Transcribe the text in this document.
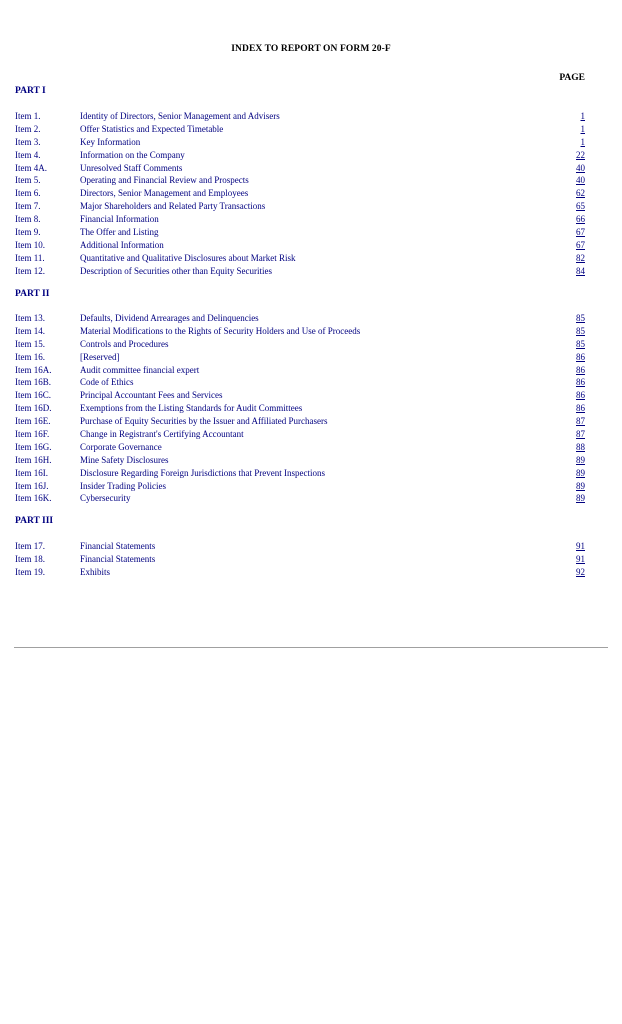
INDEX TO REPORT ON FORM 20-F
PAGE
PART I
Item 1.	Identity of Directors, Senior Management and Advisers	1
Item 2.	Offer Statistics and Expected Timetable	1
Item 3.	Key Information	1
Item 4.	Information on the Company	22
Item 4A.	Unresolved Staff Comments	40
Item 5.	Operating and Financial Review and Prospects	40
Item 6.	Directors, Senior Management and Employees	62
Item 7.	Major Shareholders and Related Party Transactions	65
Item 8.	Financial Information	66
Item 9.	The Offer and Listing	67
Item 10.	Additional Information	67
Item 11.	Quantitative and Qualitative Disclosures about Market Risk	82
Item 12.	Description of Securities other than Equity Securities	84
PART II
Item 13.	Defaults, Dividend Arrearages and Delinquencies	85
Item 14.	Material Modifications to the Rights of Security Holders and Use of Proceeds	85
Item 15.	Controls and Procedures	85
Item 16.	[Reserved]	86
Item 16A.	Audit committee financial expert	86
Item 16B.	Code of Ethics	86
Item 16C.	Principal Accountant Fees and Services	86
Item 16D.	Exemptions from the Listing Standards for Audit Committees	86
Item 16E.	Purchase of Equity Securities by the Issuer and Affiliated Purchasers	87
Item 16F.	Change in Registrant's Certifying Accountant	87
Item 16G.	Corporate Governance	88
Item 16H.	Mine Safety Disclosures	89
Item 16I.	Disclosure Regarding Foreign Jurisdictions that Prevent Inspections	89
Item 16J.	Insider Trading Policies	89
Item 16K.	Cybersecurity	89
PART III
Item 17.	Financial Statements	91
Item 18.	Financial Statements	91
Item 19.	Exhibits	92
